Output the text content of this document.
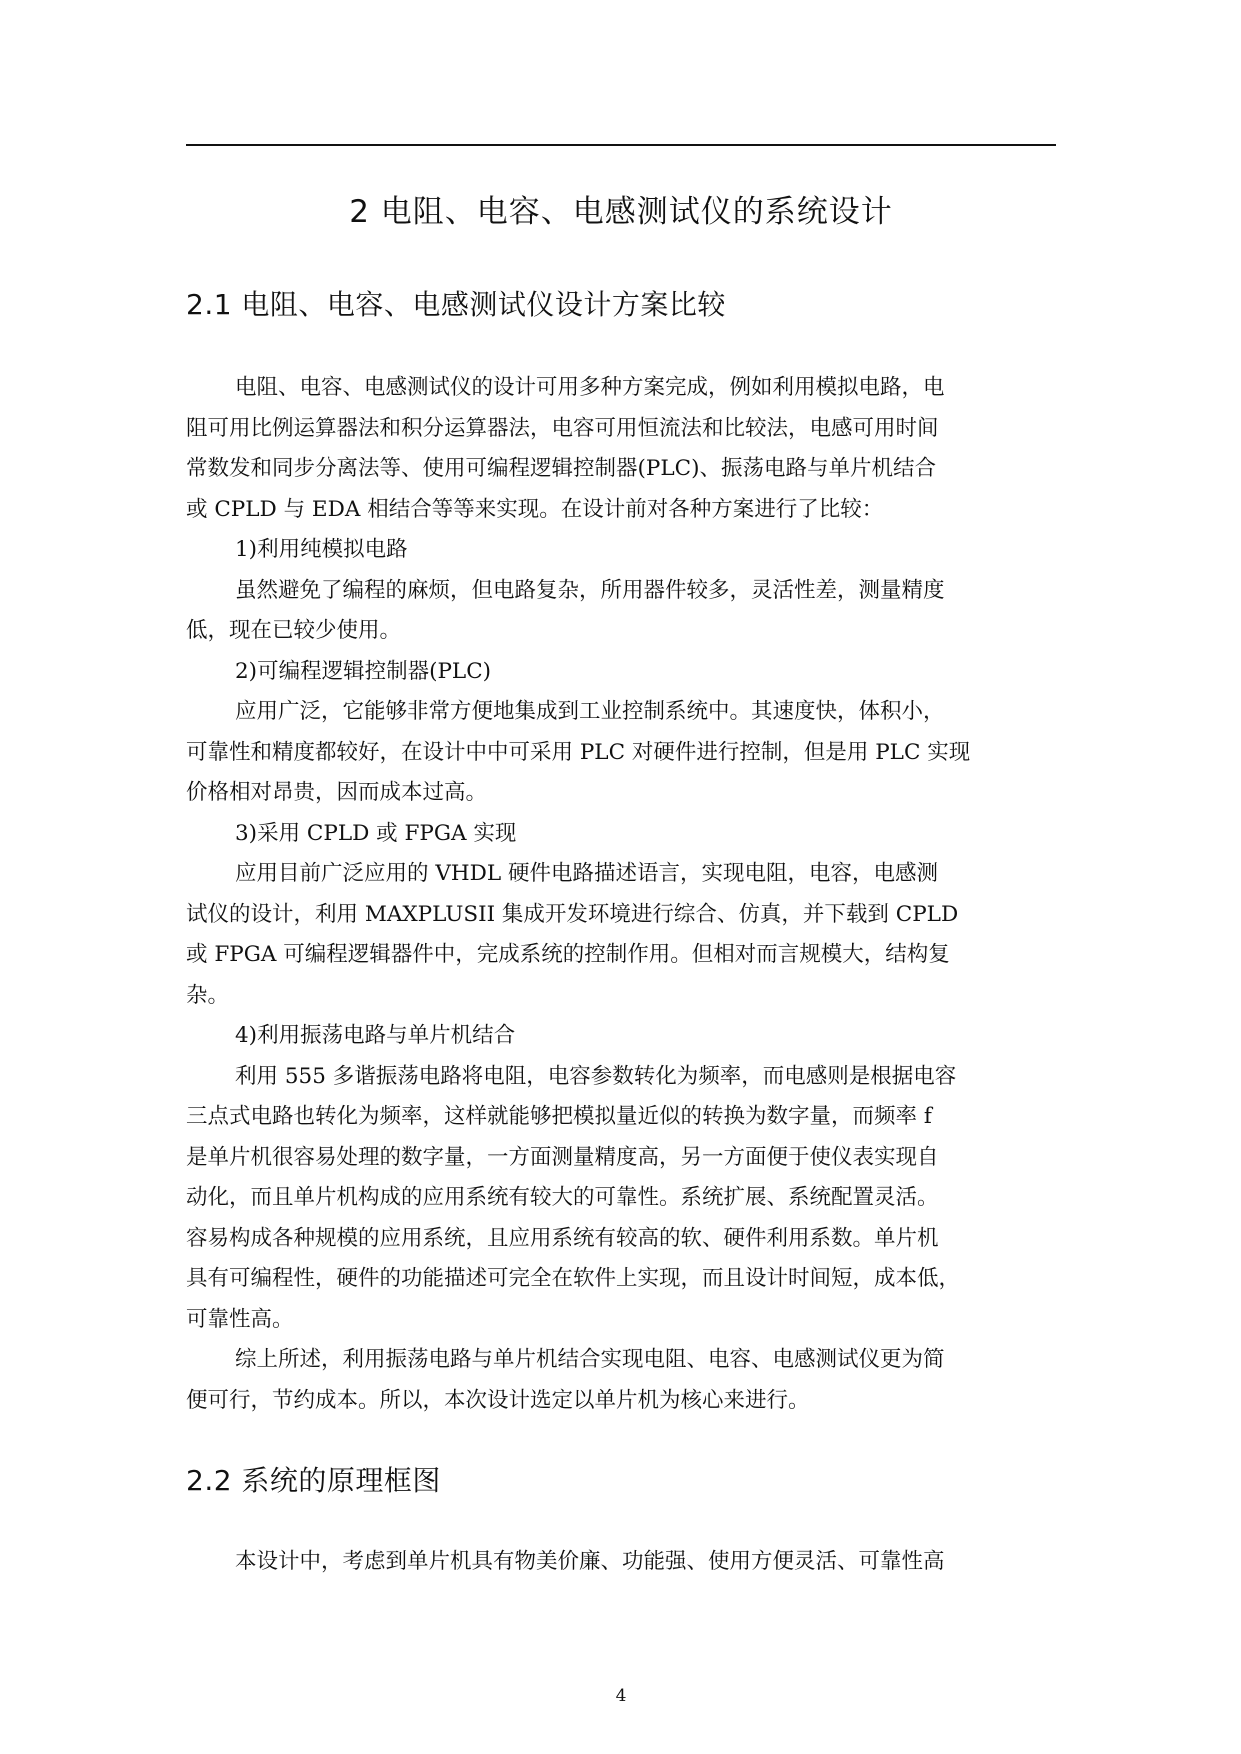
2 电阻、电容、电感测试仪的系统设计
2.1 电阻、电容、电感测试仪设计方案比较
电阻、电容、电感测试仪的设计可用多种方案完成，例如利用模拟电路，电
阻可用比例运算器法和积分运算器法，电容可用恒流法和比较法，电感可用时间
常数发和同步分离法等、使用可编程逻辑控制器(PLC)、振荡电路与单片机结合
或 CPLD 与 EDA 相结合等等来实现。在设计前对各种方案进行了比较：
1)利用纯模拟电路
虽然避免了编程的麻烦，但电路复杂，所用器件较多，灵活性差，测量精度
低，现在已较少使用。
2)可编程逻辑控制器(PLC)
应用广泛，它能够非常方便地集成到工业控制系统中。其速度快，体积小，
可靠性和精度都较好，在设计中中可采用 PLC 对硬件进行控制，但是用 PLC 实现
价格相对昂贵，因而成本过高。
3)采用 CPLD 或 FPGA 实现
应用目前广泛应用的 VHDL 硬件电路描述语言，实现电阻，电容，电感测
试仪的设计，利用 MAXPLUSII 集成开发环境进行综合、仿真，并下载到 CPLD
或 FPGA 可编程逻辑器件中，完成系统的控制作用。但相对而言规模大，结构复
杂。
4)利用振荡电路与单片机结合
利用 555 多谐振荡电路将电阻，电容参数转化为频率，而电感则是根据电容
三点式电路也转化为频率，这样就能够把模拟量近似的转换为数字量，而频率 f
是单片机很容易处理的数字量，一方面测量精度高，另一方面便于使仪表实现自
动化，而且单片机构成的应用系统有较大的可靠性。系统扩展、系统配置灵活。
容易构成各种规模的应用系统，且应用系统有较高的软、硬件利用系数。单片机
具有可编程性，硬件的功能描述可完全在软件上实现，而且设计时间短，成本低，
可靠性高。
综上所述，利用振荡电路与单片机结合实现电阻、电容、电感测试仪更为简
便可行，节约成本。所以，本次设计选定以单片机为核心来进行。
2.2 系统的原理框图
本设计中，考虑到单片机具有物美价廉、功能强、使用方便灵活、可靠性高
4
